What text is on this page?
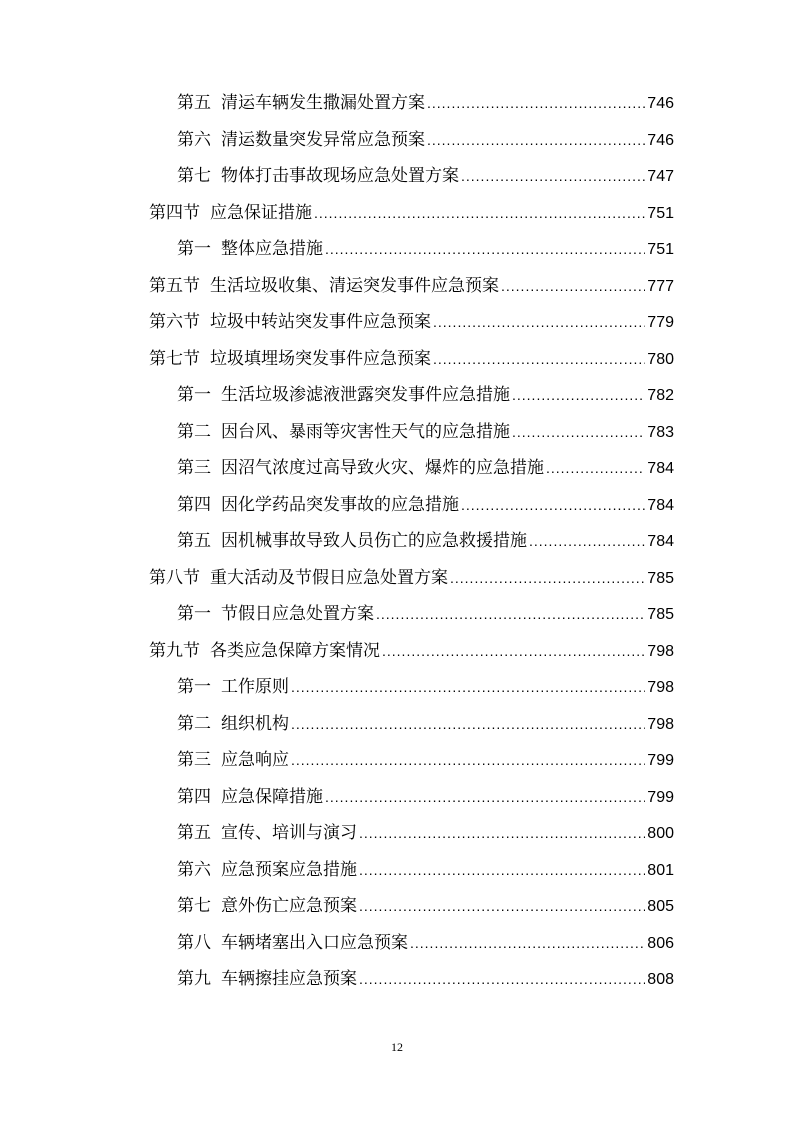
第五 清运车辆发生撒漏处置方案 .....	746
第六 清运数量突发异常应急预案 .....	746
第七 物体打击事故现场应急处置方案 .....	747
第四节 应急保证措施 .....	751
第一 整体应急措施 .....	751
第五节 生活垃圾收集、清运突发事件应急预案 .....	777
第六节 垃圾中转站突发事件应急预案 .....	779
第七节 垃圾填埋场突发事件应急预案 .....	780
第一 生活垃圾渗滤液泄露突发事件应急措施 .....	782
第二 因台风、暴雨等灾害性天气的应急措施 .....	783
第三 因沼气浓度过高导致火灾、爆炸的应急措施 .....	784
第四 因化学药品突发事故的应急措施 .....	784
第五 因机械事故导致人员伤亡的应急救援措施 .....	784
第八节 重大活动及节假日应急处置方案 .....	785
第一 节假日应急处置方案 .....	785
第九节 各类应急保障方案情况 .....	798
第一 工作原则 .....	798
第二 组织机构 .....	798
第三 应急响应 .....	799
第四 应急保障措施 .....	799
第五 宣传、培训与演习 .....	800
第六 应急预案应急措施 .....	801
第七 意外伤亡应急预案 .....	805
第八 车辆堵塞出入口应急预案 .....	806
第九 车辆擦挂应急预案 .....	808
12
